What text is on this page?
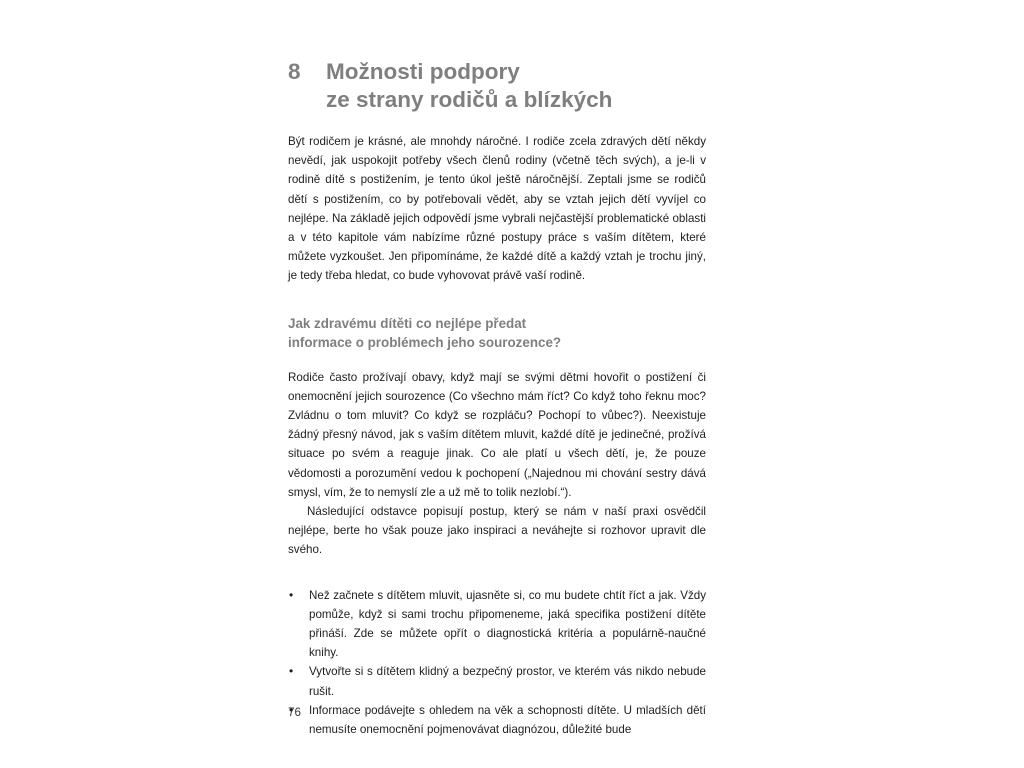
8	Možnosti podpory
ze strany rodičů a blízkých

Být rodičem je krásné, ale mnohdy náročné. I rodiče zcela zdravých dětí někdy nevědí, jak uspokojit potřeby všech členů rodiny (včetně těch svých), a je-li v rodině dítě s postižením, je tento úkol ještě náročnější. Zeptali jsme se rodičů dětí s postižením, co by potřebovali vědět, aby se vztah jejich dětí vyvíjel co nejlépe. Na základě jejich odpovědí jsme vybrali nejčastější problematické oblasti a v této kapitole vám nabízíme různé postupy práce s vaším dítětem, které můžete vyzkoušet. Jen připomínáme, že každé dítě a každý vztah je trochu jiný, je tedy třeba hledat, co bude vyhovovat právě vaší rodině.

Jak zdravému dítěti co nejlépe předat
informace o problémech jeho sourozence?

Rodiče často prožívají obavy, když mají se svými dětmi hovořit o postižení či onemocnění jejich sourozence (Co všechno mám říct? Co když toho řeknu moc? Zvládnu o tom mluvit? Co když se rozpláču? Pochopí to vůbec?). Neexistuje žádný přesný návod, jak s vaším dítětem mluvit, každé dítě je jedinečné, prožívá situace po svém a reaguje jinak. Co ale platí u všech dětí, je, že pouze vědomosti a porozumění vedou k pochopení („Najednou mi chování sestry dává smysl, vím, že to nemyslí zle a už mě to tolik nezlobí.“).

Následující odstavce popisují postup, který se nám v naší praxi osvědčil nejlépe, berte ho však pouze jako inspiraci a neváhejte si rozhovor upravit dle svého.

• Než začnete s dítětem mluvit, ujasněte si, co mu budete chtít říct a jak. Vždy pomůže, když si sami trochu připomeneme, jaká specifika postižení dítěte přináší. Zde se můžete opřít o diagnostická kritéria a populárně-naučné knihy.
• Vytvořte si s dítětem klidný a bezpečný prostor, ve kterém vás nikdo nebude rušit.
• Informace podávejte s ohledem na věk a schopnosti dítěte. U mladších dětí nemusíte onemocnění pojmenovávat diagnózou, důležité bude
76
